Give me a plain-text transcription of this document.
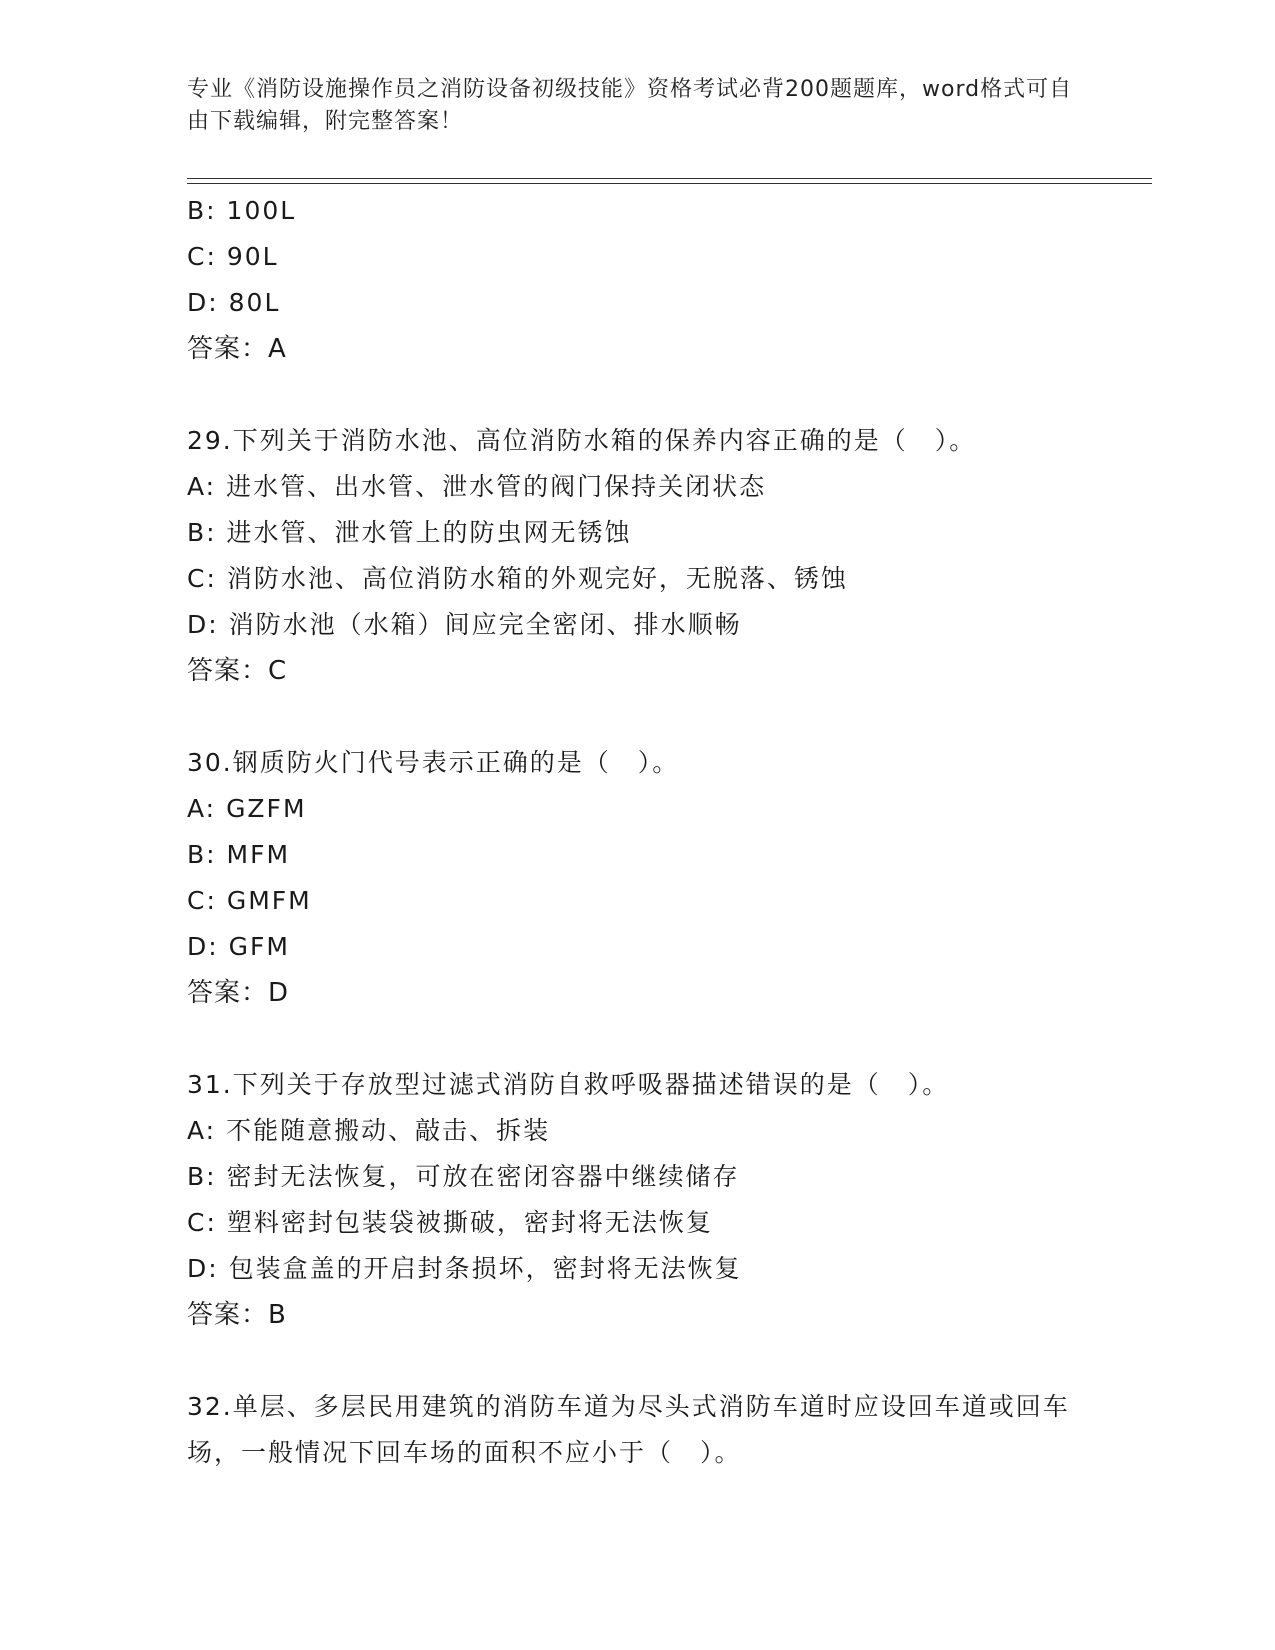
专业《消防设施操作员之消防设备初级技能》资格考试必背200题题库，word格式可自由下载编辑，附完整答案！
B: 100L
C: 90L
D: 80L
答案：A
29.下列关于消防水池、高位消防水箱的保养内容正确的是（　）。
A: 进水管、出水管、泄水管的阀门保持关闭状态
B: 进水管、泄水管上的防虫网无锈蚀
C: 消防水池、高位消防水箱的外观完好，无脱落、锈蚀
D: 消防水池（水箱）间应完全密闭、排水顺畅
答案：C
30.钢质防火门代号表示正确的是（　）。
A: GZFM
B: MFM
C: GMFM
D: GFM
答案：D
31.下列关于存放型过滤式消防自救呼吸器描述错误的是（　）。
A: 不能随意搬动、敲击、拆装
B: 密封无法恢复，可放在密闭容器中继续储存
C: 塑料密封包装袋被撕破，密封将无法恢复
D: 包装盒盖的开启封条损坏，密封将无法恢复
答案：B
32.单层、多层民用建筑的消防车道为尽头式消防车道时应设回车道或回车场，一般情况下回车场的面积不应小于（　）。
